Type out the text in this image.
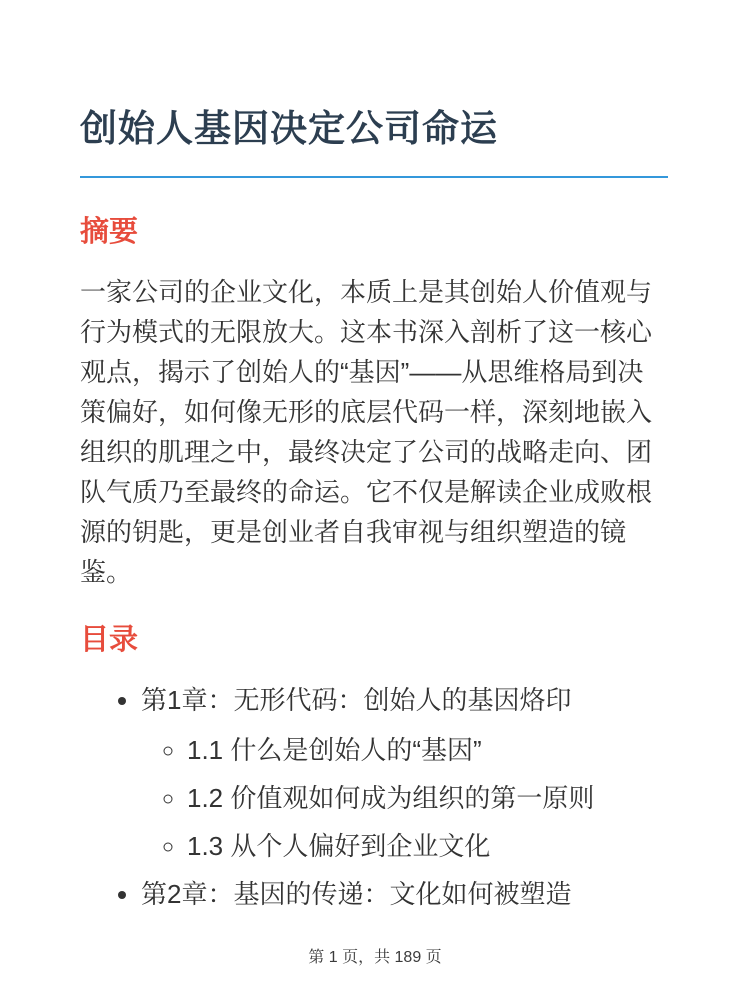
创始人基因决定公司命运
摘要

一家公司的企业文化，本质上是其创始人价值观与行为模式的无限放大。这本书深入剖析了这一核心观点，揭示了创始人的“基因”——从思维格局到决策偏好，如何像无形的底层代码一样，深刻地嵌入组织的肌理之中，最终决定了公司的战略走向、团队气质乃至最终的命运。它不仅是解读企业成败根源的钥匙，更是创业者自我审视与组织塑造的镜鉴。

目录
• 第1章：无形代码：创始人的基因烙印
◦ 1.1 什么是创始人的“基因”
◦ 1.2 价值观如何成为组织的第一原则
◦ 1.3 从个人偏好到企业文化
• 第2章：基因的传递：文化如何被塑造
第 1 页，共 189 页
